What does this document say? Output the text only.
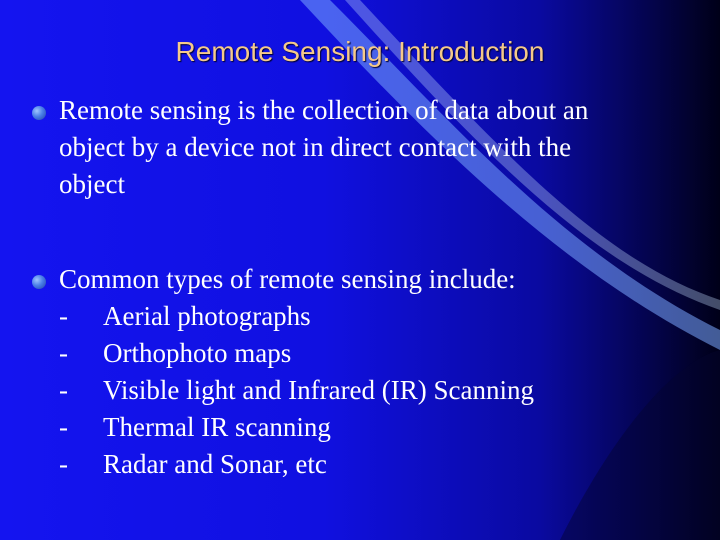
Remote Sensing: Introduction
Remote sensing is the collection of data about an
object by a device not in direct contact with the
object
Common types of remote sensing include:
-	Aerial photographs
-	Orthophoto maps
-	Visible light and Infrared (IR) Scanning
-	Thermal IR scanning
-	Radar and Sonar, etc
